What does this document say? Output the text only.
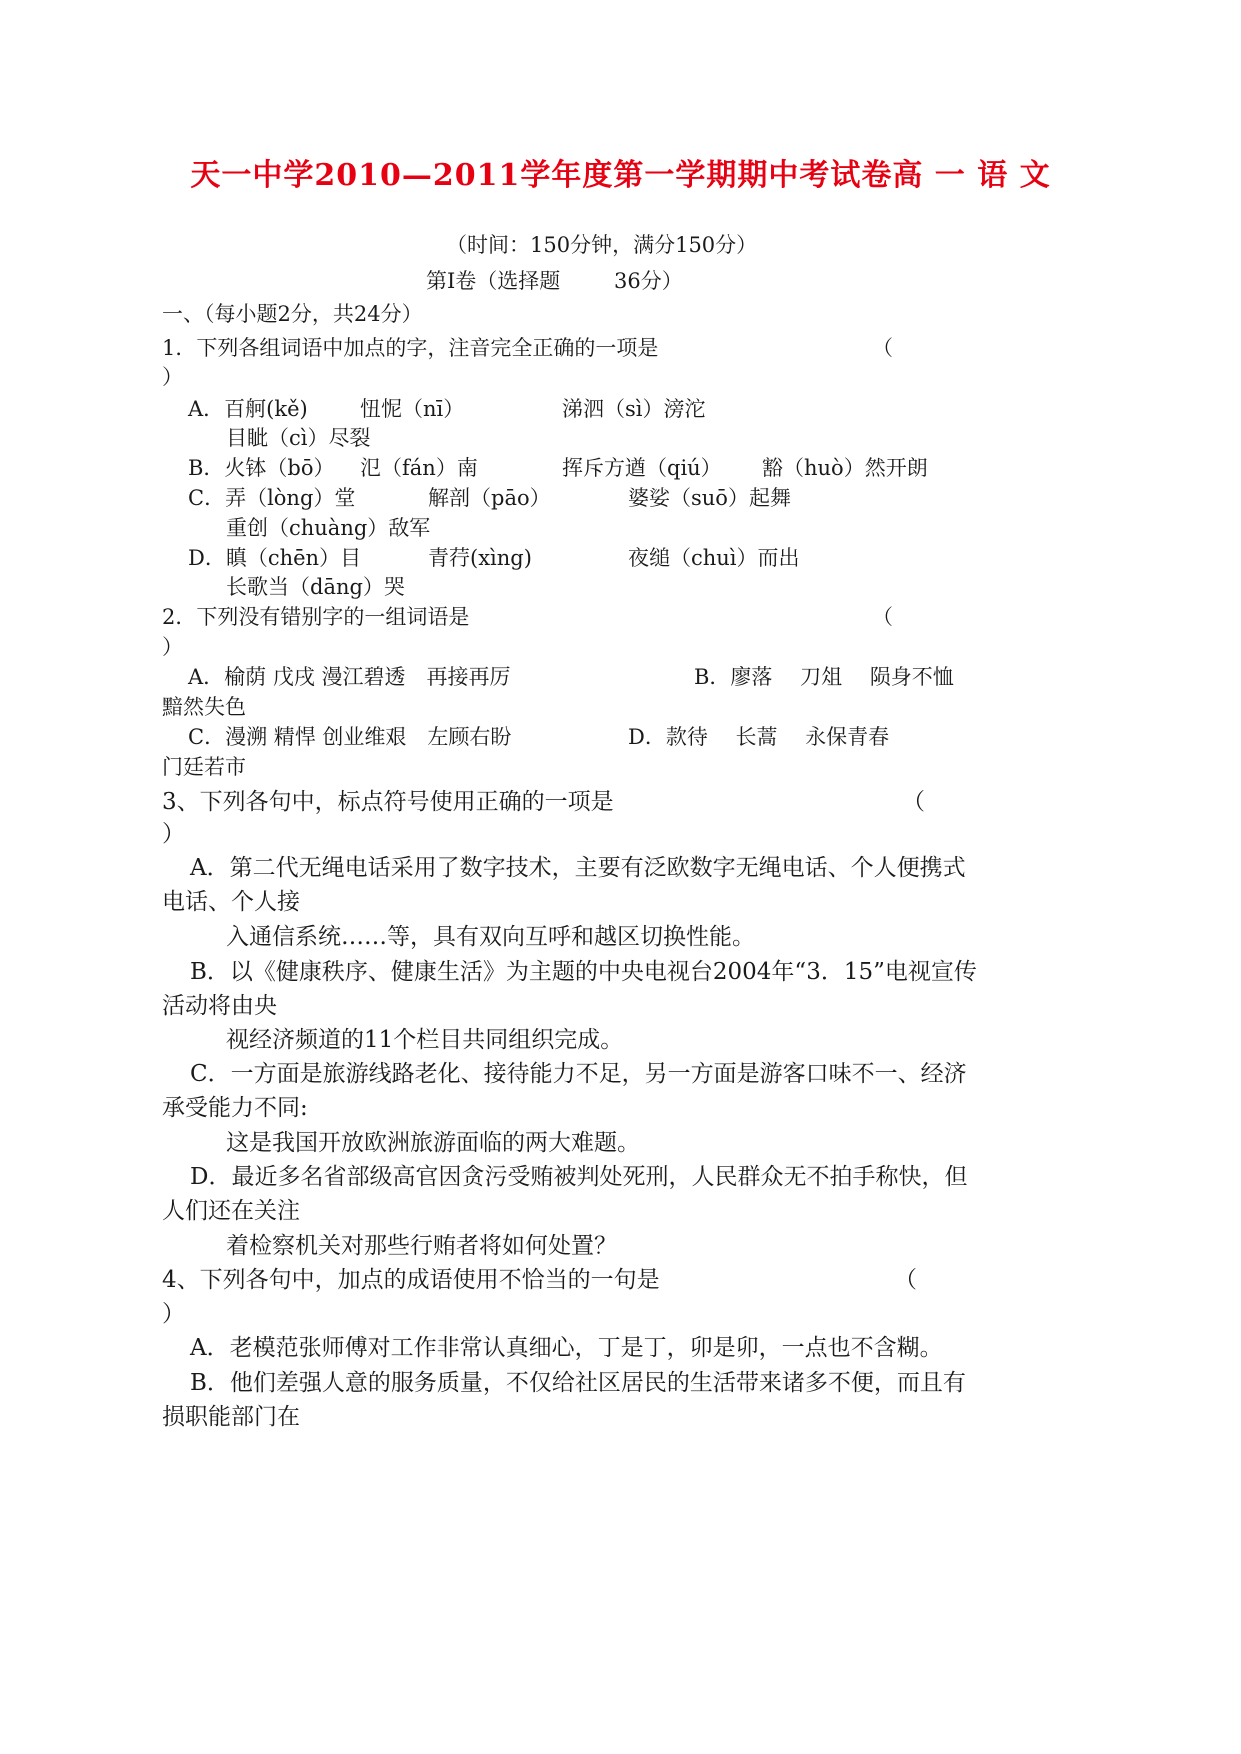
天一中学2010—2011学年度第一学期期中考试卷高 一 语 文
（时间：150分钟，满分150分）
第Ⅰ卷（选择题	36分）
一、（每小题2分，共24分）
1．下列各组词语中加点的字，注音完全正确的一项是	（
）
A．百舸(kě) 忸怩（nī）	涕泗（sì）滂沱
目眦（cì）尽裂
B．火钵（bō） 氾（fán）南	挥斥方遒（qiú） 豁（huò）然开朗
C．弄（lòng）堂	解剖（pāo）	婆娑（suō）起舞
重创（chuàng）敌军
D．瞋（chēn）目	青荇(xìng)	夜缒（chuì）而出
长歌当（dāng）哭
2．下列没有错别字的一组词语是	（
）
A．榆荫 戊戌 漫江碧透　再接再厉	B．廖落　 刀俎　 陨身不恤
黯然失色
C．漫溯 精悍 创业维艰　左顾右盼	D．款待　 长蒿　 永保青春
门廷若市
3、下列各句中，标点符号使用正确的一项是	（
）
A．第二代无绳电话采用了数字技术，主要有泛欧数字无绳电话、个人便携式
电话、个人接
入通信系统……等，具有双向互呼和越区切换性能。
B．以《健康秩序、健康生活》为主题的中央电视台2004年“3．15”电视宣传
活动将由央
视经济频道的11个栏目共同组织完成。
C．一方面是旅游线路老化、接待能力不足，另一方面是游客口味不一、经济
承受能力不同:
这是我国开放欧洲旅游面临的两大难题。
D．最近多名省部级高官因贪污受贿被判处死刑，人民群众无不拍手称快，但
人们还在关注
着检察机关对那些行贿者将如何处置？
4、下列各句中，加点的成语使用不恰当的一句是	（
）
A．老模范张师傅对工作非常认真细心，丁是丁，卯是卯，一点也不含糊。
B．他们差强人意的服务质量，不仅给社区居民的生活带来诸多不便，而且有
损职能部门在
